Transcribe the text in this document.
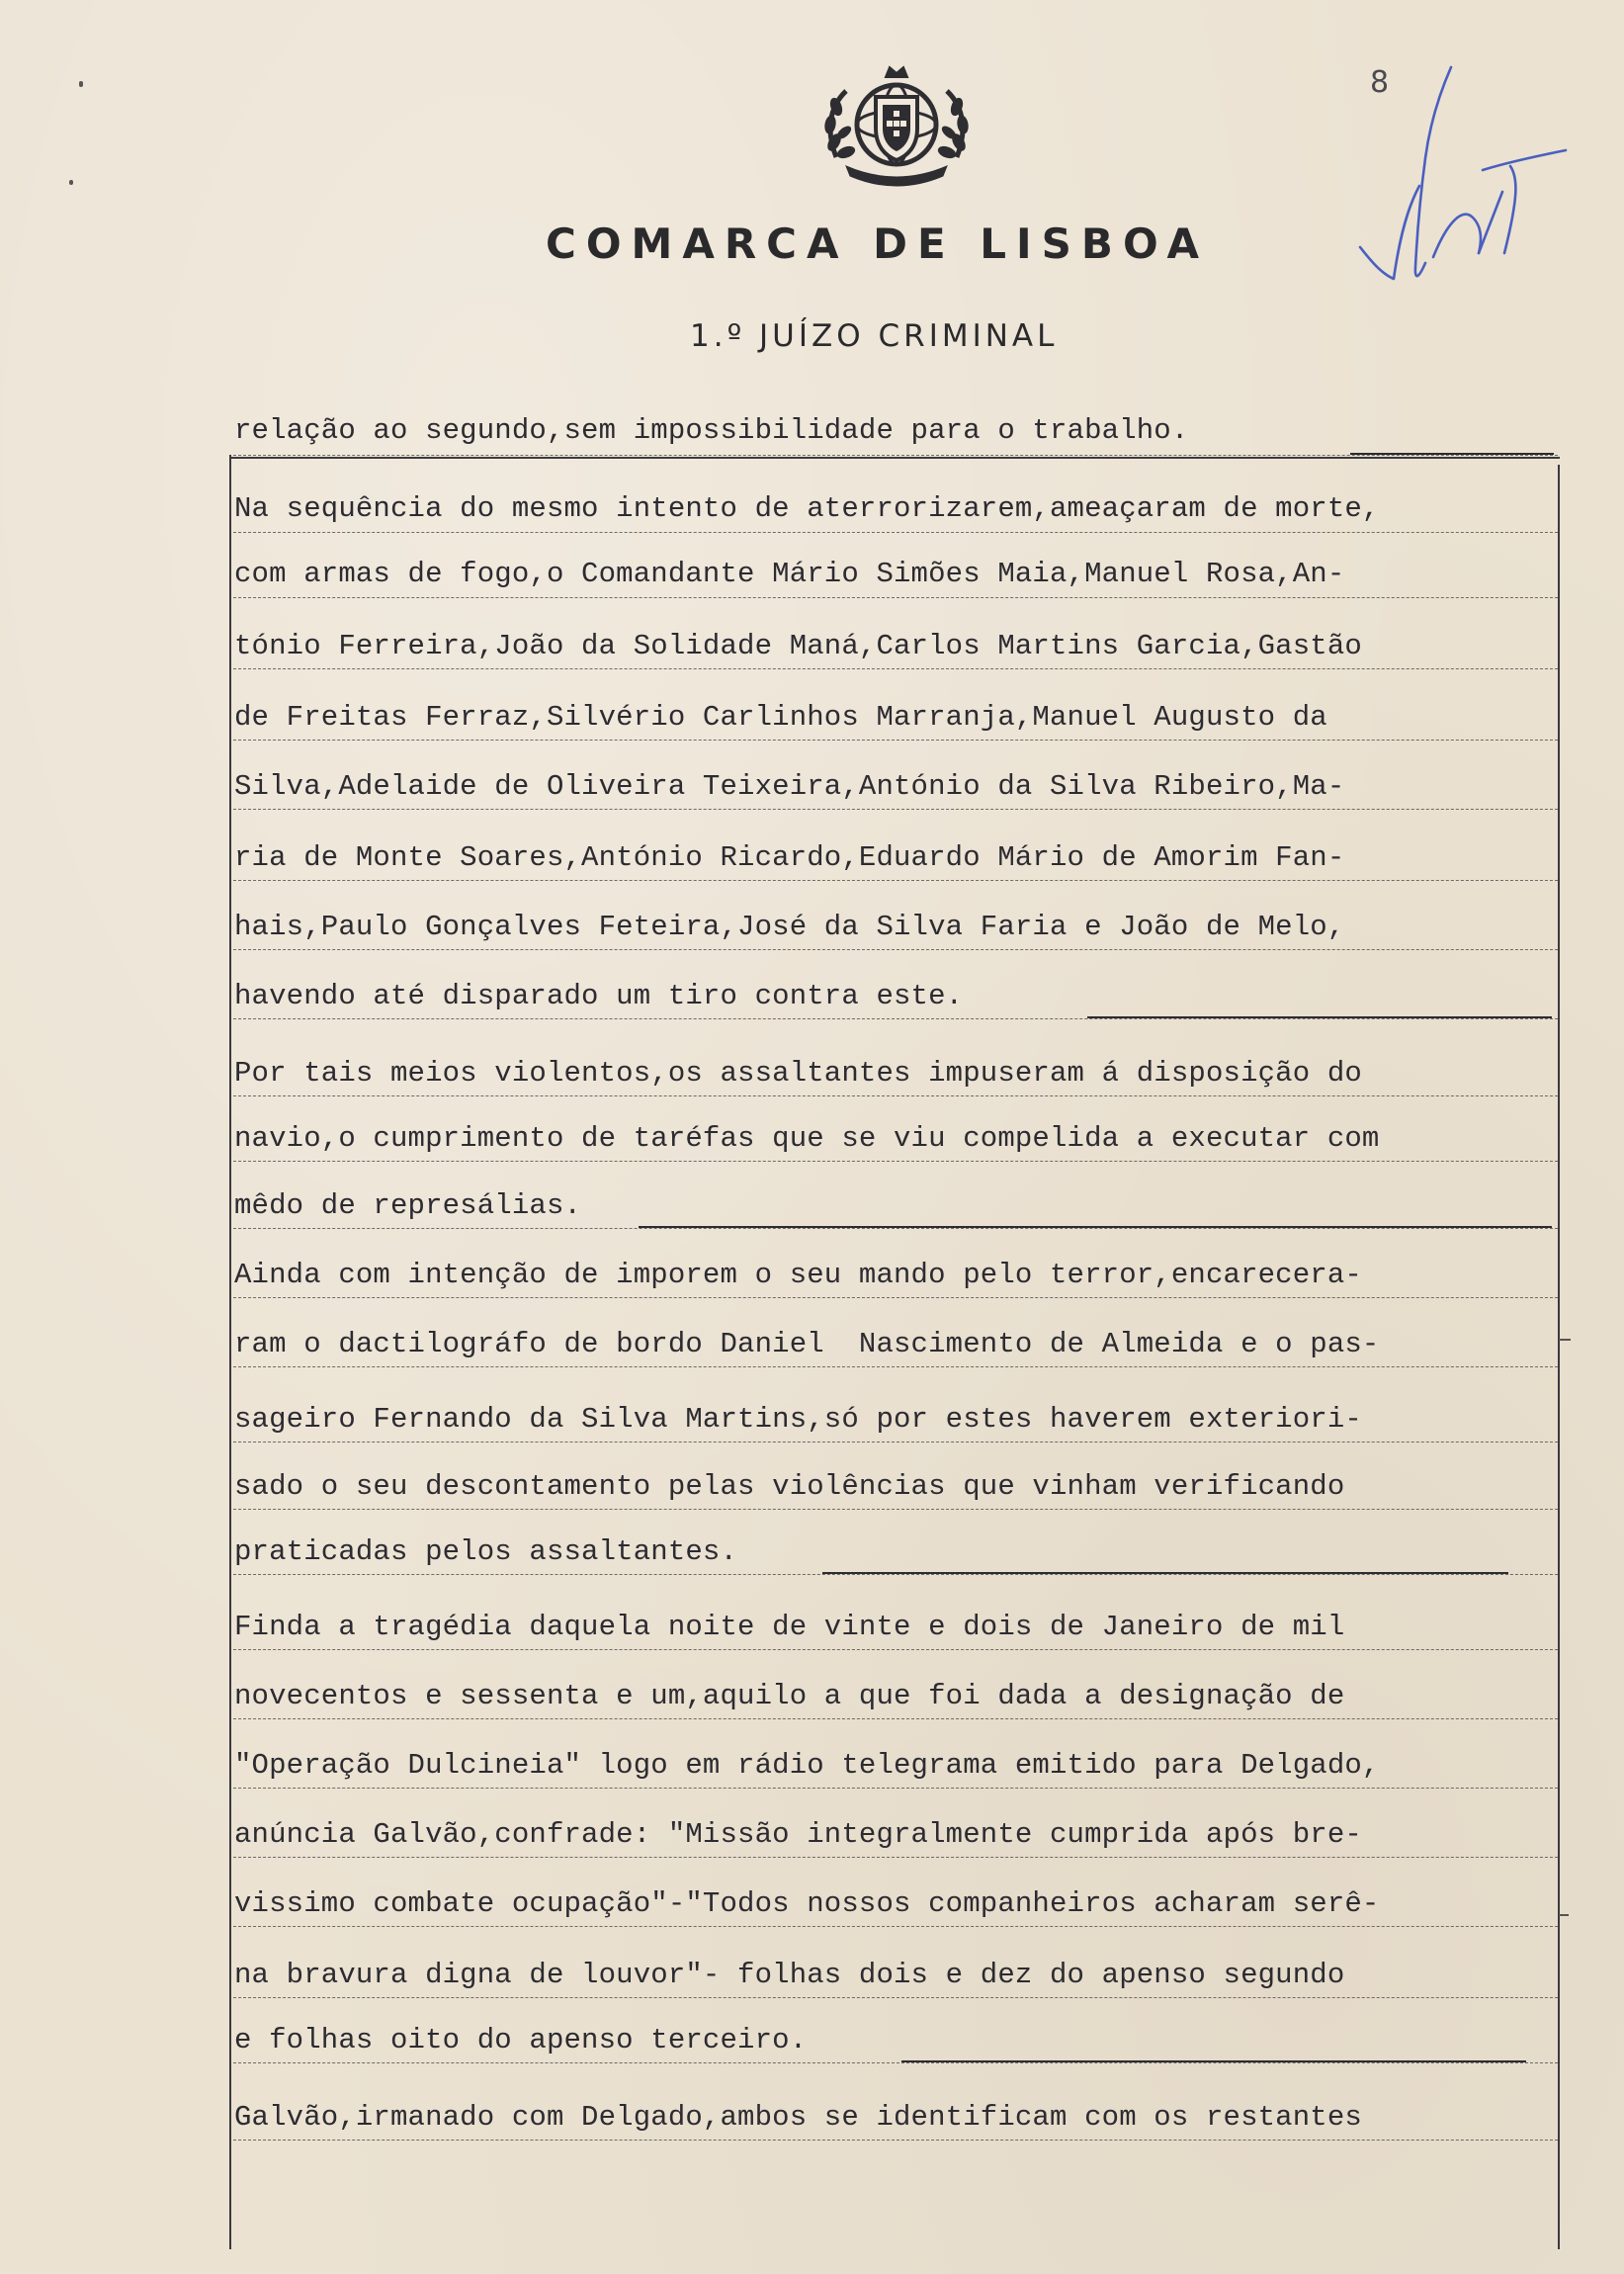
8
COMARCA DE LISBOA
1.º JUÍZO CRIMINAL
relação ao segundo,sem impossibilidade para o trabalho.
Na sequência do mesmo intento de aterrorizarem,ameaçaram de morte,
com armas de fogo,o Comandante Mário Simões Maia,Manuel Rosa,An-
tónio Ferreira,João da Solidade Maná,Carlos Martins Garcia,Gastão
de Freitas Ferraz,Silvério Carlinhos Marranja,Manuel Augusto da
Silva,Adelaide de Oliveira Teixeira,António da Silva Ribeiro,Ma-
ria de Monte Soares,António Ricardo,Eduardo Mário de Amorim Fan-
hais,Paulo Gonçalves Feteira,José da Silva Faria e João de Melo,
havendo até disparado um tiro contra este.
Por tais meios violentos,os assaltantes impuseram á disposição do
navio,o cumprimento de taréfas que se viu compelida a executar com
mêdo de represálias.
Ainda com intenção de imporem o seu mando pelo terror,encarecera-
ram o dactilográfo de bordo Daniel  Nascimento de Almeida e o pas-
sageiro Fernando da Silva Martins,só por estes haverem exteriori-
sado o seu descontamento pelas violências que vinham verificando
praticadas pelos assaltantes.
Finda a tragédia daquela noite de vinte e dois de Janeiro de mil
novecentos e sessenta e um,aquilo a que foi dada a designação de
"Operação Dulcineia" logo em rádio telegrama emitido para Delgado,
anúncia Galvão,confrade: "Missão integralmente cumprida após bre-
vissimo combate ocupação"-"Todos nossos companheiros acharam serê-
na bravura digna de louvor"- folhas dois e dez do apenso segundo
e folhas oito do apenso terceiro.
Galvão,irmanado com Delgado,ambos se identificam com os restantes
